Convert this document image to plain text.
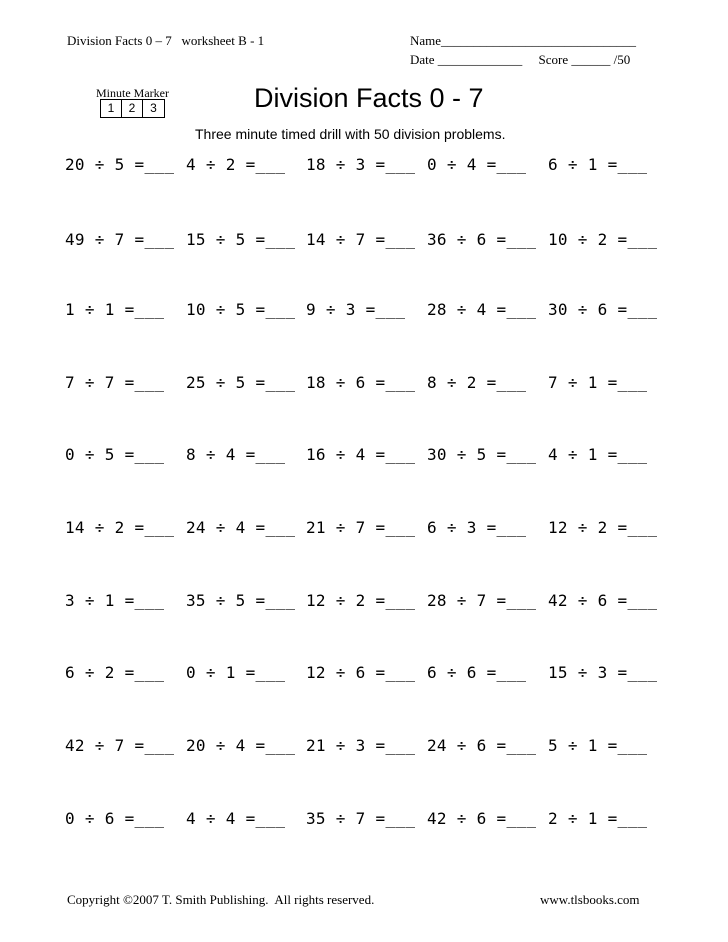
Division Facts 0 – 7   worksheet B - 1	Name______________________________
Date _____________     Score ______ /50
Minute Marker
1	2	3	Division Facts 0 - 7
Three minute timed drill with 50 division problems.
20 ÷ 5 =___ 4 ÷ 2 =___ 18 ÷ 3 =___ 0 ÷ 4 =___ 6 ÷ 1 =___
49 ÷ 7 =___ 15 ÷ 5 =___ 14 ÷ 7 =___ 36 ÷ 6 =___ 10 ÷ 2 =___
1 ÷ 1 =___ 10 ÷ 5 =___ 9 ÷ 3 =___ 28 ÷ 4 =___ 30 ÷ 6 =___
7 ÷ 7 =___ 25 ÷ 5 =___ 18 ÷ 6 =___ 8 ÷ 2 =___ 7 ÷ 1 =___
0 ÷ 5 =___ 8 ÷ 4 =___ 16 ÷ 4 =___ 30 ÷ 5 =___ 4 ÷ 1 =___
14 ÷ 2 =___ 24 ÷ 4 =___ 21 ÷ 7 =___ 6 ÷ 3 =___ 12 ÷ 2 =___
3 ÷ 1 =___ 35 ÷ 5 =___ 12 ÷ 2 =___ 28 ÷ 7 =___ 42 ÷ 6 =___
6 ÷ 2 =___ 0 ÷ 1 =___ 12 ÷ 6 =___ 6 ÷ 6 =___ 15 ÷ 3 =___
42 ÷ 7 =___ 20 ÷ 4 =___ 21 ÷ 3 =___ 24 ÷ 6 =___ 5 ÷ 1 =___
0 ÷ 6 =___ 4 ÷ 4 =___ 35 ÷ 7 =___ 42 ÷ 6 =___ 2 ÷ 1 =___
Copyright ©2007 T. Smith Publishing.  All rights reserved.	www.tlsbooks.com
